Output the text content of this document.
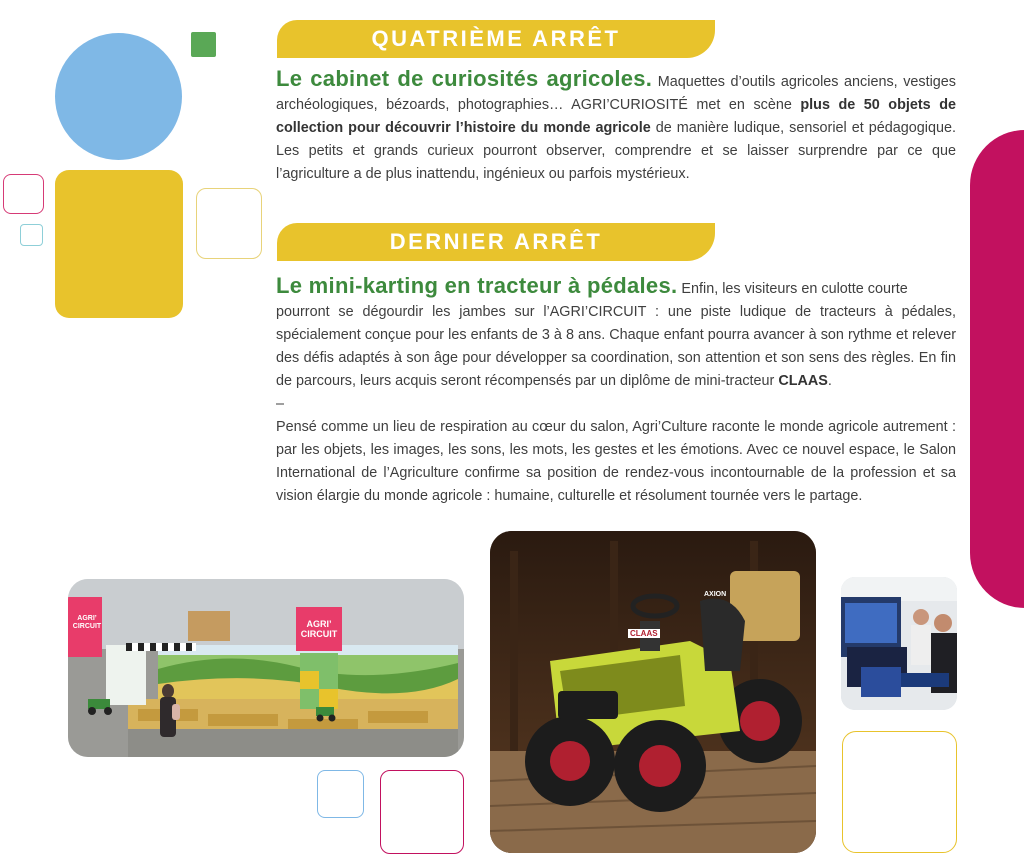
QUATRIÈME ARRÊT

Le cabinet de curiosités agricoles. Maquettes d’outils agricoles anciens, vestiges archéologiques, bézoards, photographies… AGRI’CURIOSITÉ met en scène plus de 50 objets de collection pour découvrir l’histoire du monde agricole de manière ludique, sensoriel et pédagogique. Les petits et grands curieux pourront observer, comprendre et se laisser surprendre par ce que l’agriculture a de plus inattendu, ingénieux ou parfois mystérieux.

DERNIER ARRÊT

Le mini-karting en tracteur à pédales. Enfin, les visiteurs en culotte courte

pourront se dégourdir les jambes sur l’AGRI’CIRCUIT : une piste ludique de tracteurs à pédales, spécialement conçue pour les enfants de 3 à 8 ans. Chaque enfant pourra avancer à son rythme et relever des défis adaptés à son âge pour développer sa coordination, son attention et son sens des règles. En fin de parcours, leurs acquis seront récompensés par un diplôme de mini-tracteur CLAAS.

–

Pensé comme un lieu de respiration au cœur du salon, Agri’Culture raconte le monde agricole autrement : par les objets, les images, les sons, les mots, les gestes et les émotions. Avec ce nouvel espace, le Salon International de l’Agriculture confirme sa position de rendez-vous incontournable de la profession et sa vision élargie du monde agricole : humaine, culturelle et résolument tournée vers le partage.

AGRI’
CIRCUIT	AGRI’
CIRCUIT	CLAAS
AXION
